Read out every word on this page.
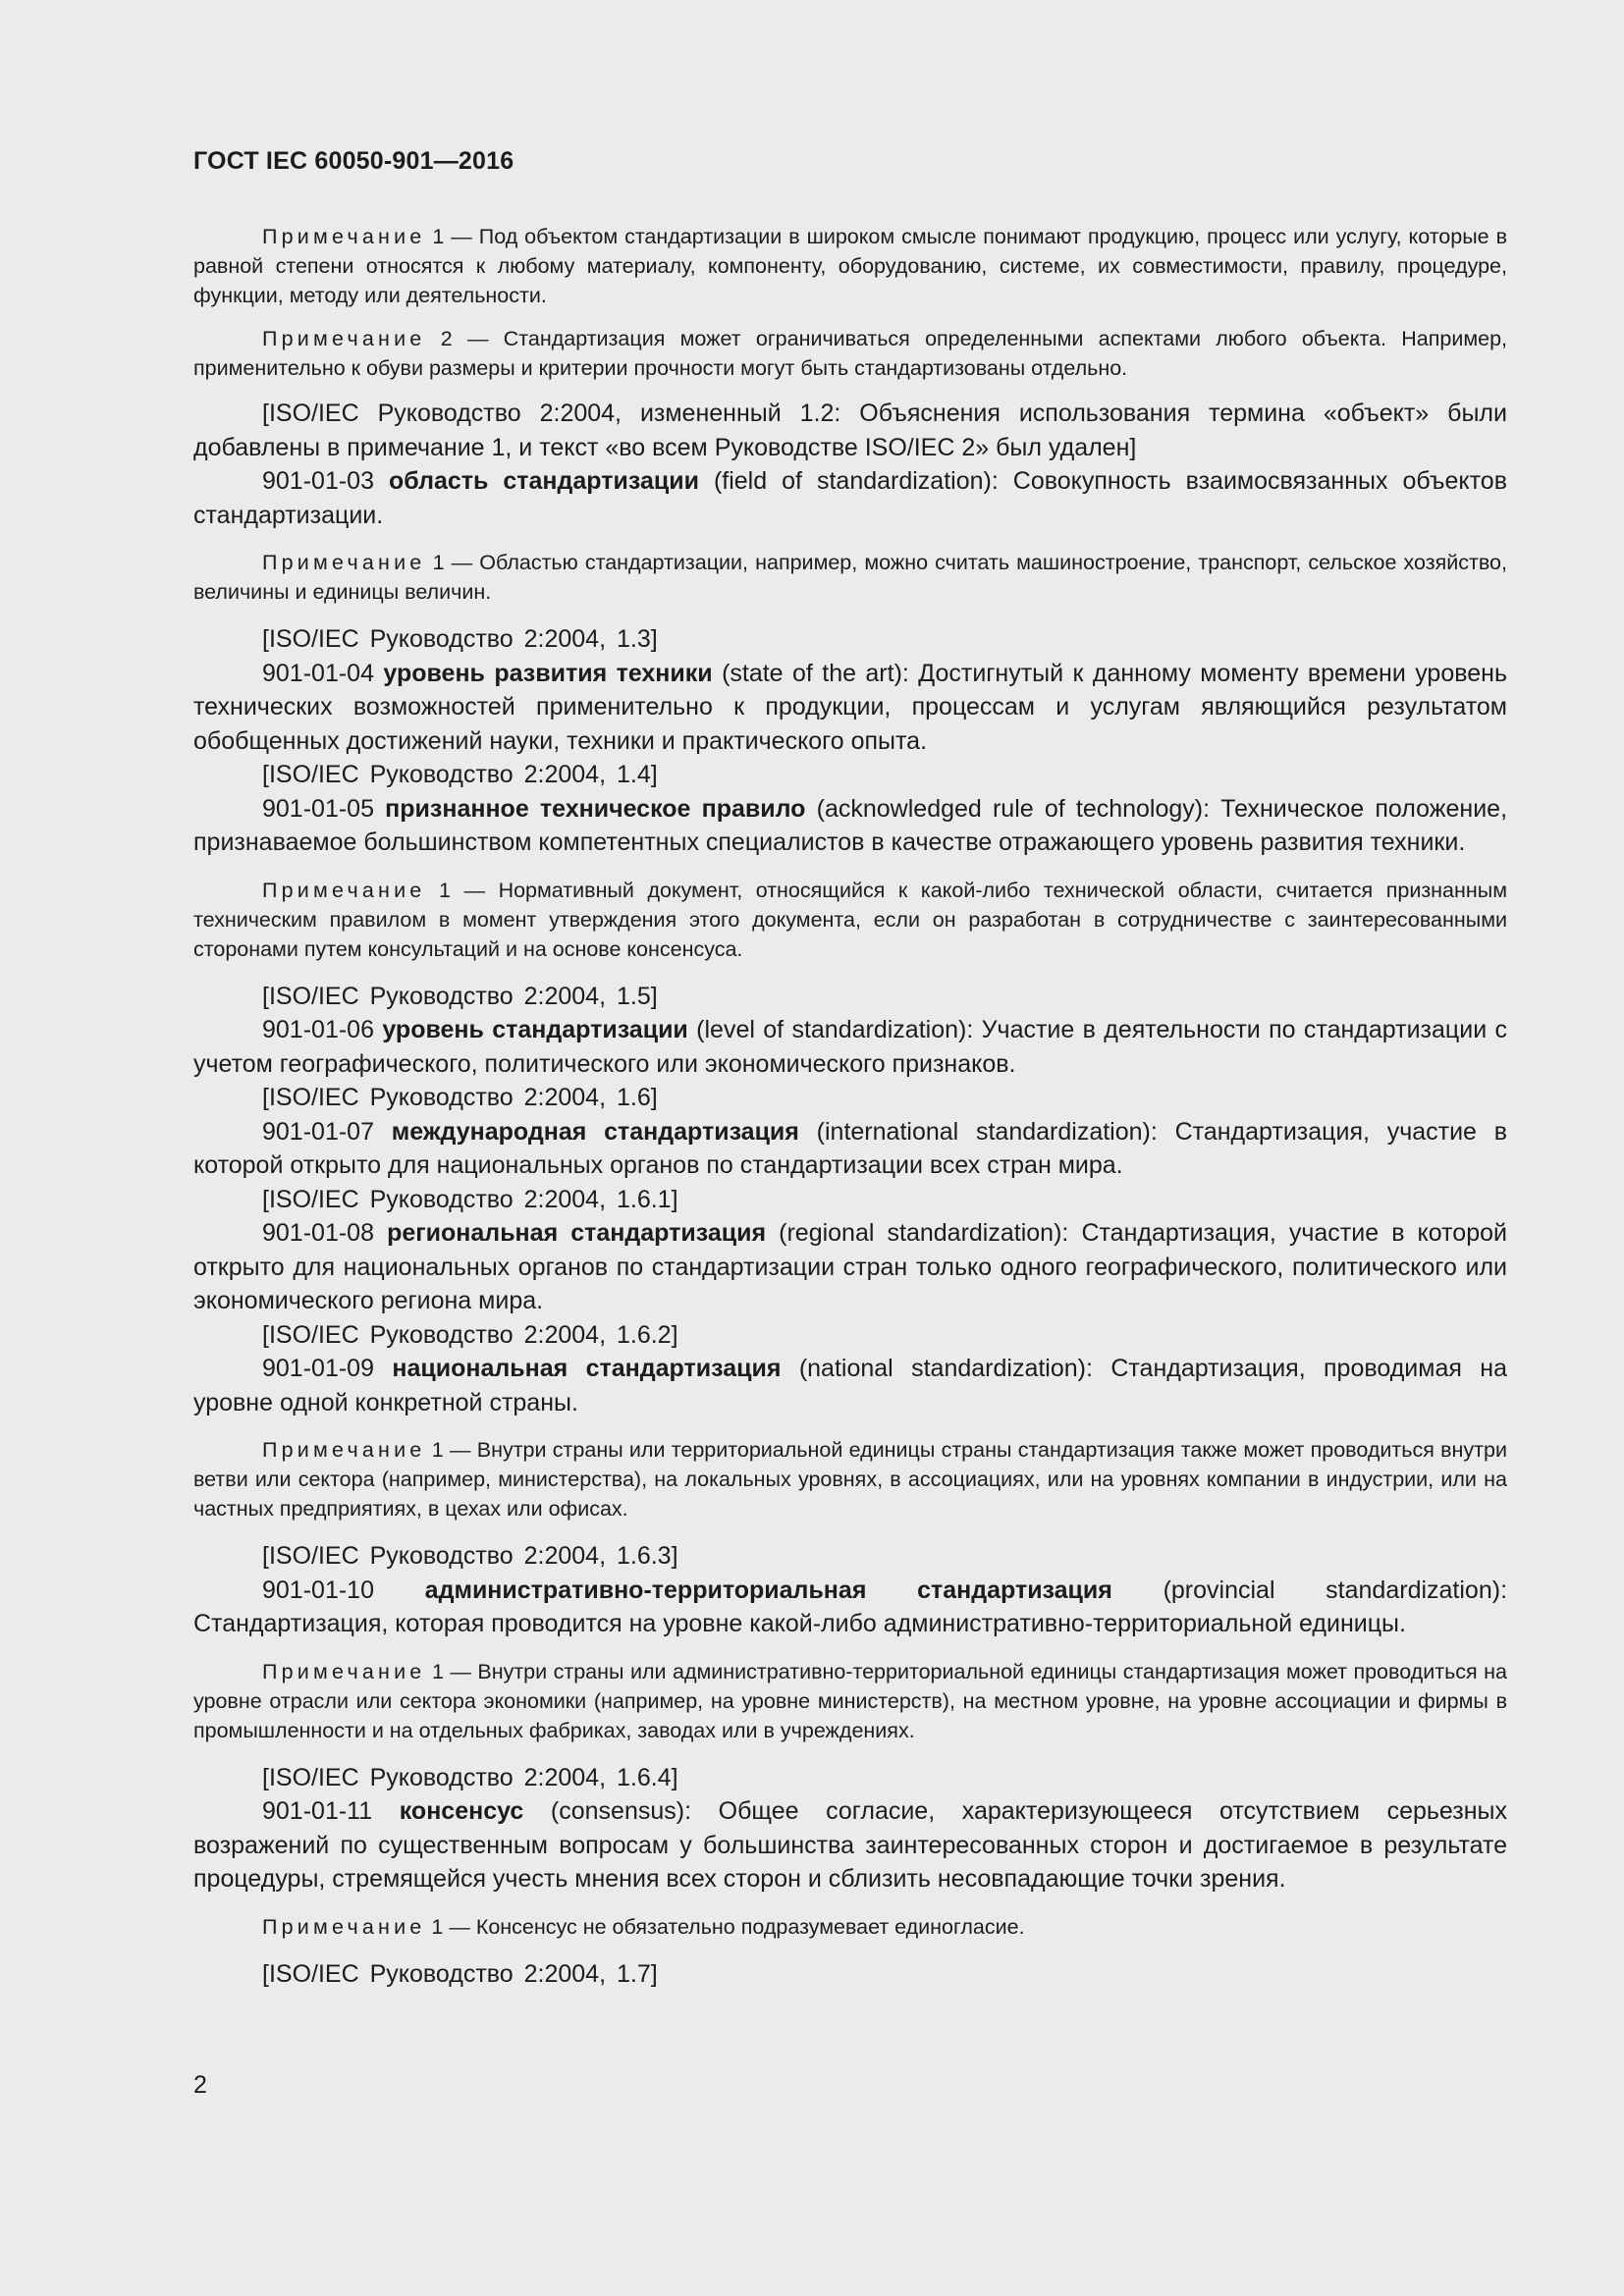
ГОСТ IEC 60050-901—2016

Примечание 1 — Под объектом стандартизации в широком смысле понимают продукцию, процесс или услугу, которые в равной степени относятся к любому материалу, компоненту, оборудованию, системе, их совместимости, правилу, процедуре, функции, методу или деятельности.

Примечание 2 — Стандартизация может ограничиваться определенными аспектами любого объекта. Например, применительно к обуви размеры и критерии прочности могут быть стандартизованы отдельно.

[ISO/IEC Руководство 2:2004, измененный 1.2: Объяснения использования термина «объект» были добавлены в примечание 1, и текст «во всем Руководстве ISO/IEC 2» был удален]

901-01-03 область стандартизации (field of standardization): Совокупность взаимосвязанных объектов стандартизации.

Примечание 1 — Областью стандартизации, например, можно считать машиностроение, транспорт, сельское хозяйство, величины и единицы величин.

[ISO/IEC Руководство 2:2004, 1.3]

901-01-04 уровень развития техники (state of the art): Достигнутый к данному моменту времени уровень технических возможностей применительно к продукции, процессам и услугам являющийся результатом обобщенных достижений науки, техники и практического опыта.

[ISO/IEC Руководство 2:2004, 1.4]

901-01-05 признанное техническое правило (acknowledged rule of technology): Техническое положение, признаваемое большинством компетентных специалистов в качестве отражающего уровень развития техники.

Примечание 1 — Нормативный документ, относящийся к какой-либо технической области, считается признанным техническим правилом в момент утверждения этого документа, если он разработан в сотрудничестве с заинтересованными сторонами путем консультаций и на основе консенсуса.

[ISO/IEC Руководство 2:2004, 1.5]

901-01-06 уровень стандартизации (level of standardization): Участие в деятельности по стандартизации с учетом географического, политического или экономического признаков.

[ISO/IEC Руководство 2:2004, 1.6]

901-01-07 международная стандартизация (international standardization): Стандартизация, участие в которой открыто для национальных органов по стандартизации всех стран мира.

[ISO/IEC Руководство 2:2004, 1.6.1]

901-01-08 региональная стандартизация (regional standardization): Стандартизация, участие в которой открыто для национальных органов по стандартизации стран только одного географического, политического или экономического региона мира.

[ISO/IEC Руководство 2:2004, 1.6.2]

901-01-09 национальная стандартизация (national standardization): Стандартизация, проводимая на уровне одной конкретной страны.

Примечание 1 — Внутри страны или территориальной единицы страны стандартизация также может проводиться внутри ветви или сектора (например, министерства), на локальных уровнях, в ассоциациях, или на уровнях компании в индустрии, или на частных предприятиях, в цехах или офисах.

[ISO/IEC Руководство 2:2004, 1.6.3]

901-01-10 административно-территориальная стандартизация (provincial standardization): Стандартизация, которая проводится на уровне какой-либо административно-территориальной единицы.

Примечание 1 — Внутри страны или административно-территориальной единицы стандартизация может проводиться на уровне отрасли или сектора экономики (например, на уровне министерств), на местном уровне, на уровне ассоциации и фирмы в промышленности и на отдельных фабриках, заводах или в учреждениях.

[ISO/IEC Руководство 2:2004, 1.6.4]

901-01-11 консенсус (consensus): Общее согласие, характеризующееся отсутствием серьезных возражений по существенным вопросам у большинства заинтересованных сторон и достигаемое в результате процедуры, стремящейся учесть мнения всех сторон и сблизить несовпадающие точки зрения.

Примечание 1 — Консенсус не обязательно подразумевает единогласие.

[ISO/IEC Руководство 2:2004, 1.7]

2
